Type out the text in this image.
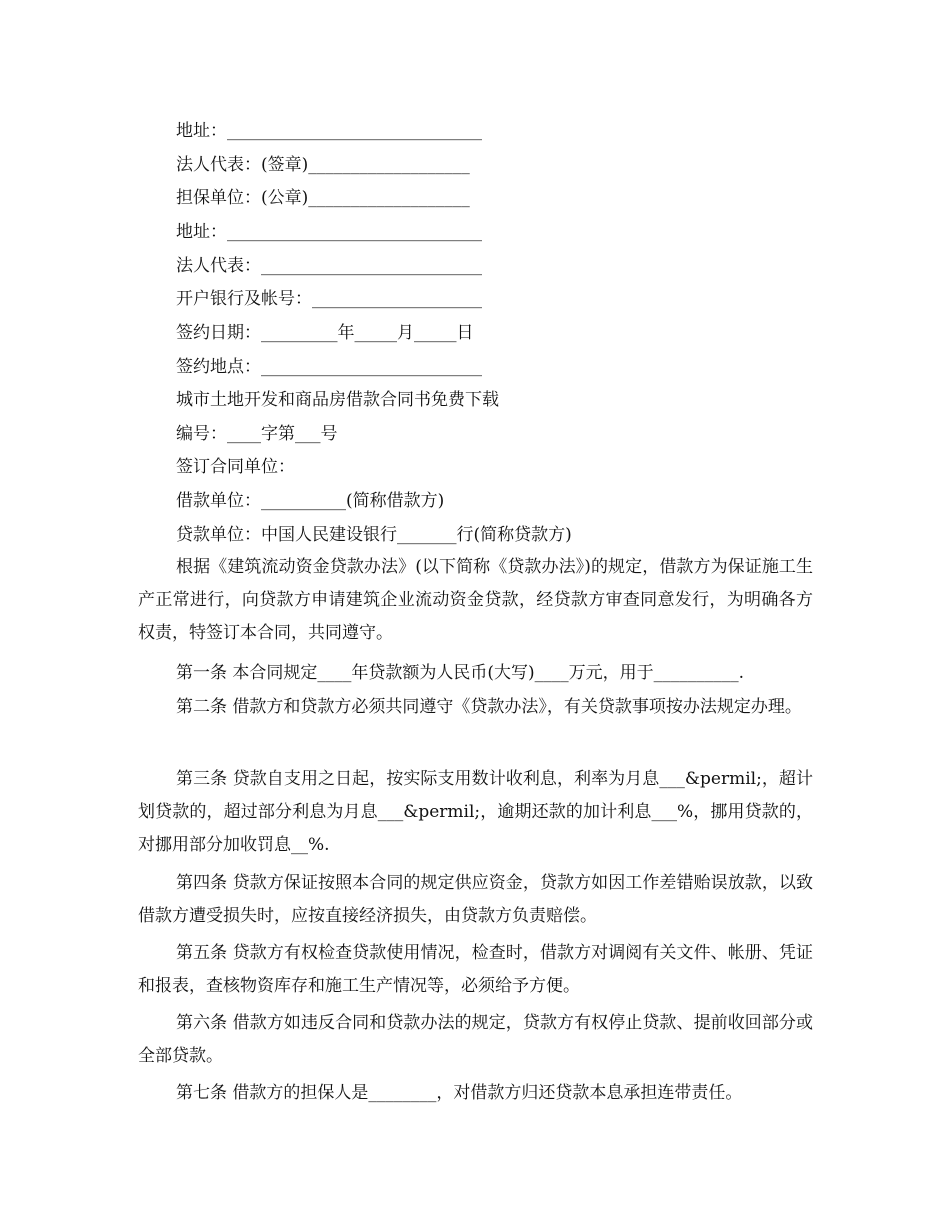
地址：______________________________
法人代表：(签章)___________________
担保单位：(公章)___________________
地址：______________________________
法人代表：__________________________
开户银行及帐号：____________________
签约日期：_________年_____月_____日
签约地点：__________________________
城市土地开发和商品房借款合同书免费下载
编号：____字第___号
签订合同单位：
借款单位：__________(简称借款方)
贷款单位：中国人民建设银行_______行(简称贷款方)
根据《建筑流动资金贷款办法》(以下简称《贷款办法》)的规定，借款方为保证施工生产正常进行，向贷款方申请建筑企业流动资金贷款，经贷款方审查同意发行，为明确各方权责，特签订本合同，共同遵守。
第一条 本合同规定____年贷款额为人民币(大写)____万元，用于__________.
第二条 借款方和贷款方必须共同遵守《贷款办法》，有关贷款事项按办法规定办理。
第三条 贷款自支用之日起，按实际支用数计收利息，利率为月息___&permil;，超计划贷款的，超过部分利息为月息___&permil;，逾期还款的加计利息___%，挪用贷款的，对挪用部分加收罚息__%.
第四条 贷款方保证按照本合同的规定供应资金，贷款方如因工作差错贻误放款，以致借款方遭受损失时，应按直接经济损失，由贷款方负责赔偿。
第五条 贷款方有权检查贷款使用情况，检查时，借款方对调阅有关文件、帐册、凭证和报表，查核物资库存和施工生产情况等，必须给予方便。
第六条 借款方如违反合同和贷款办法的规定，贷款方有权停止贷款、提前收回部分或全部贷款。
第七条 借款方的担保人是________，对借款方归还贷款本息承担连带责任。
